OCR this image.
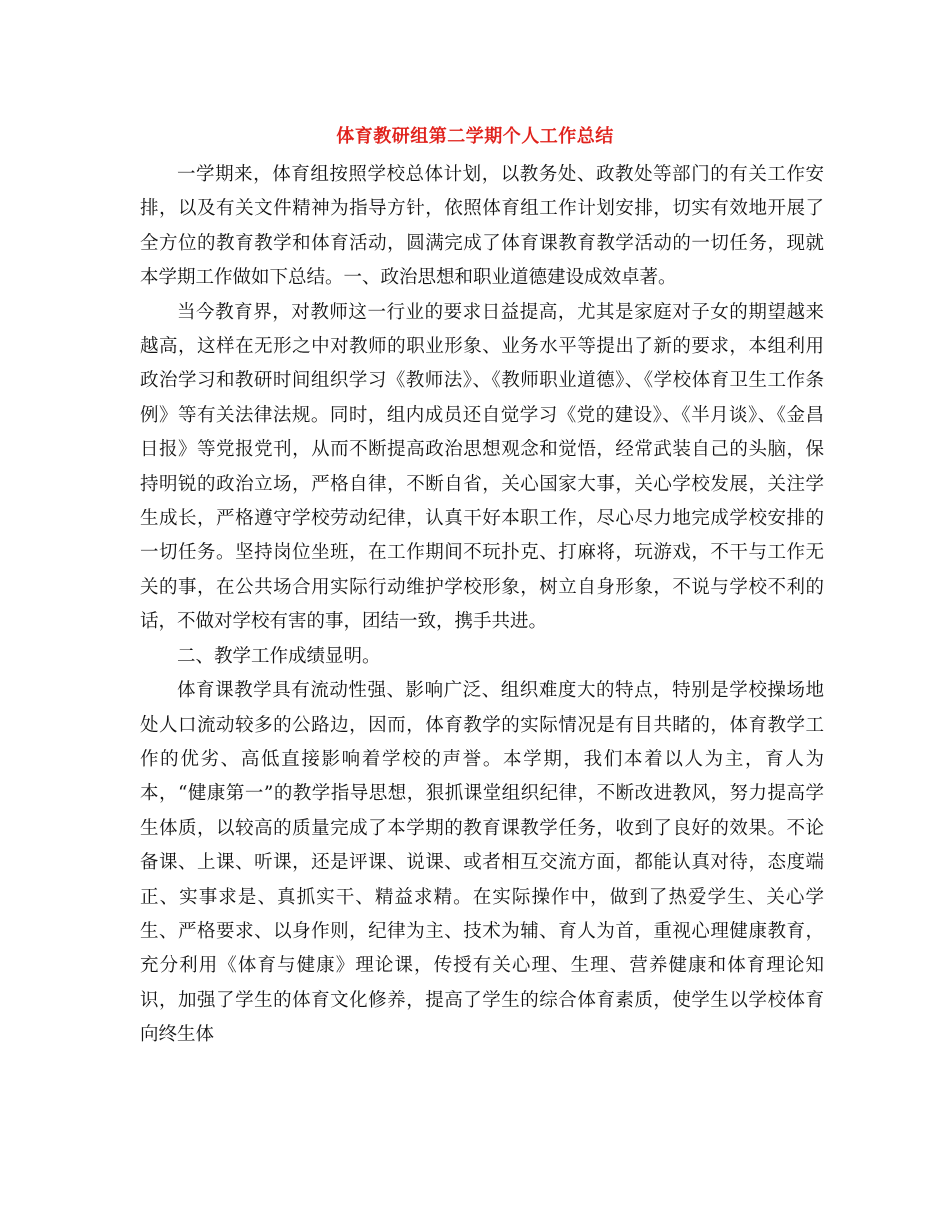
体育教研组第二学期个人工作总结

一学期来，体育组按照学校总体计划，以教务处、政教处等部门的有关工作安排，以及有关文件精神为指导方针，依照体育组工作计划安排，切实有效地开展了全方位的教育教学和体育活动，圆满完成了体育课教育教学活动的一切任务，现就本学期工作做如下总结。一、政治思想和职业道德建设成效卓著。

当今教育界，对教师这一行业的要求日益提高，尤其是家庭对子女的期望越来越高，这样在无形之中对教师的职业形象、业务水平等提出了新的要求，本组利用政治学习和教研时间组织学习《教师法》、《教师职业道德》、《学校体育卫生工作条例》等有关法律法规。同时，组内成员还自觉学习《党的建设》、《半月谈》、《金昌日报》等党报党刊，从而不断提高政治思想观念和觉悟，经常武装自己的头脑，保持明锐的政治立场，严格自律，不断自省，关心国家大事，关心学校发展，关注学生成长，严格遵守学校劳动纪律，认真干好本职工作，尽心尽力地完成学校安排的一切任务。坚持岗位坐班，在工作期间不玩扑克、打麻将，玩游戏，不干与工作无关的事，在公共场合用实际行动维护学校形象，树立自身形象，不说与学校不利的话，不做对学校有害的事，团结一致，携手共进。

二、教学工作成绩显明。

体育课教学具有流动性强、影响广泛、组织难度大的特点，特别是学校操场地处人口流动较多的公路边，因而，体育教学的实际情况是有目共睹的，体育教学工作的优劣、高低直接影响着学校的声誉。本学期，我们本着以人为主，育人为本，“健康第一”的教学指导思想，狠抓课堂组织纪律，不断改进教风，努力提高学生体质，以较高的质量完成了本学期的教育课教学任务，收到了良好的效果。不论备课、上课、听课，还是评课、说课、或者相互交流方面，都能认真对待，态度端正、实事求是、真抓实干、精益求精。在实际操作中，做到了热爱学生、关心学生、严格要求、以身作则，纪律为主、技术为辅、育人为首，重视心理健康教育，充分利用《体育与健康》理论课，传授有关心理、生理、营养健康和体育理论知识，加强了学生的体育文化修养，提高了学生的综合体育素质，使学生以学校体育向终生体
